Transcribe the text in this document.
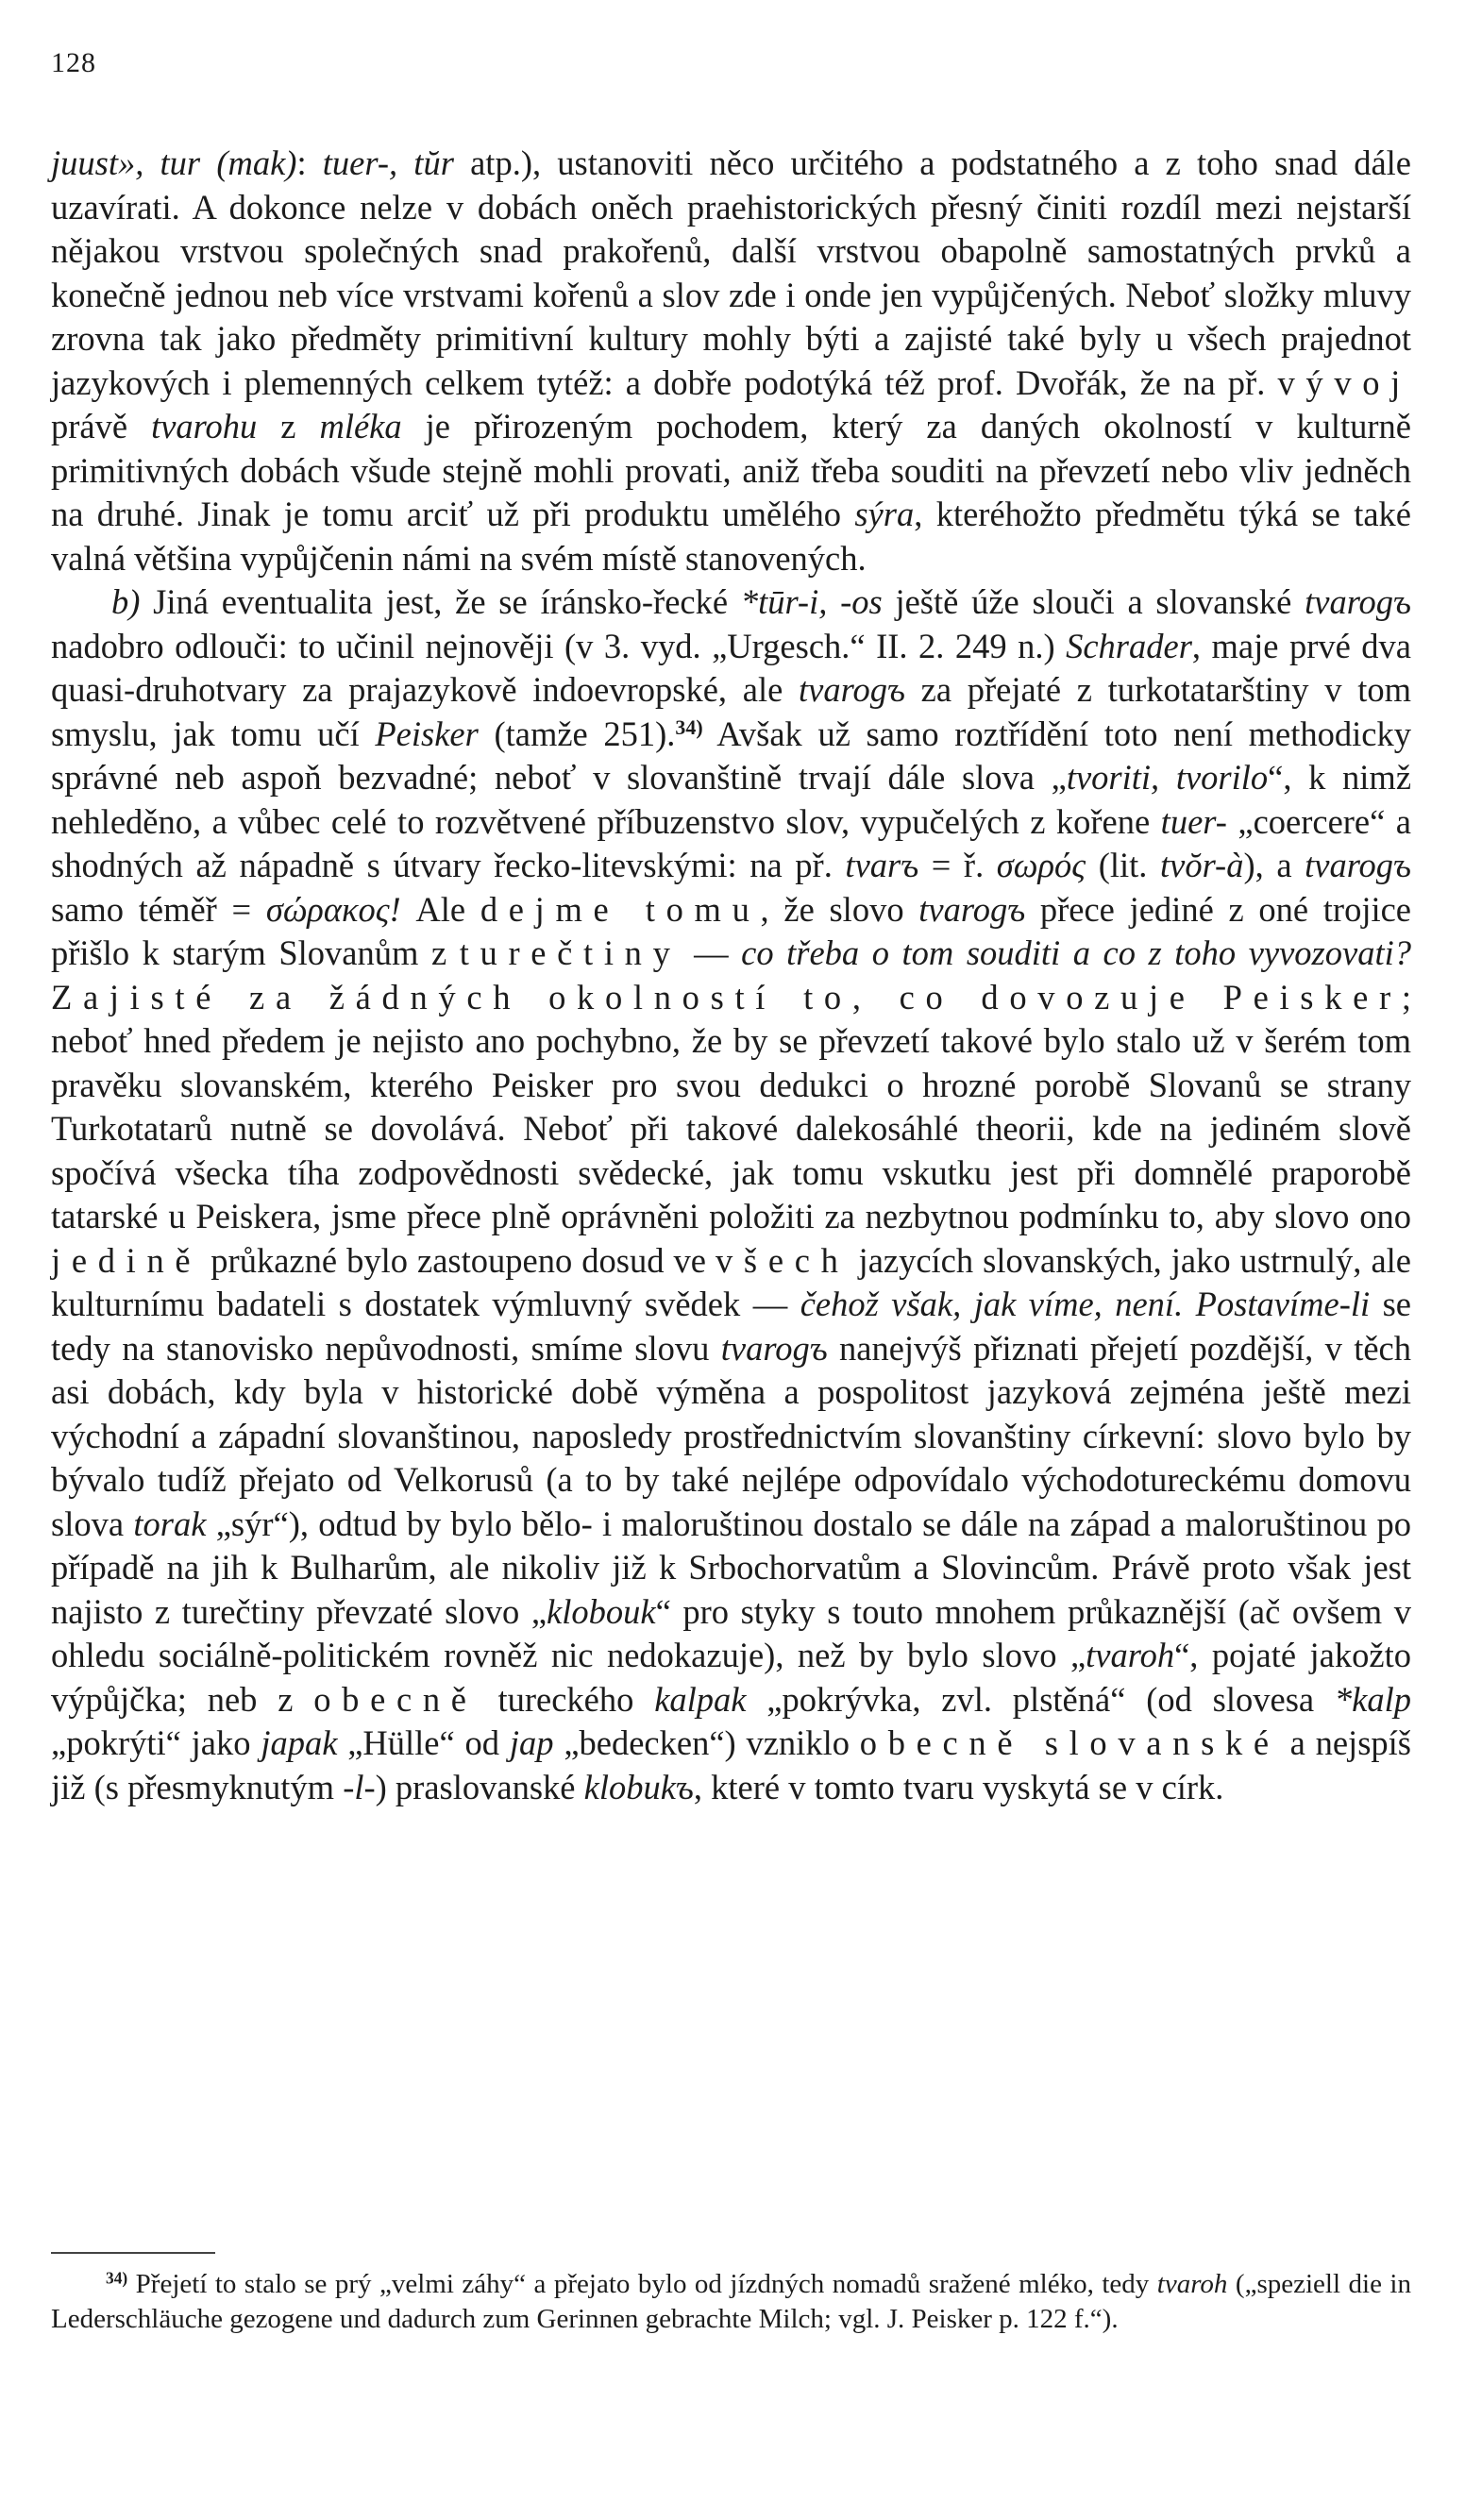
128

juust», tur (mak): tuer-, tŭr atp.), ustanoviti něco určitého a podstatného a z toho snad dále uzavírati. A dokonce nelze v dobách oněch praehistorických přesný činiti rozdíl mezi nejstarší nějakou vrstvou společných snad prakořenů, další vrstvou obapolně samostatných prvků a konečně jednou neb více vrstvami kořenů a slov zde i onde jen vypůjčených. Neboť složky mluvy zrovna tak jako předměty primitivní kultury mohly býti a zajisté také byly u všech prajednot jazykových i plemenných celkem tytéž: a dobře podotýká též prof. Dvořák, že na př. vývoj právě tvarohu z mléka je přirozeným pochodem, který za daných okolností v kulturně primitivných dobách všude stejně mohli provati, aniž třeba souditi na převzetí nebo vliv jedněch na druhé. Jinak je tomu arciť už při produktu umělého sýra, kteréhožto předmětu týká se také valná většina vypůjčenin námi na svém místě stanovených.

b) Jiná eventualita jest, že se íránsko-řecké *tūr-i, -os ještě úže slouči a slovanské tvarogъ nadobro odlouči: to učinil nejnověji (v 3. vyd. „Urgesch.“ II. 2. 249 n.) Schrader, maje prvé dva quasi-druhotvary za prajazykově indoevropské, ale tvarogъ za přejaté z turkotatarštiny v tom smyslu, jak tomu učí Peisker (tamže 251).$^{34)}$ Avšak už samo roztřídění toto není methodicky správné neb aspoň bezvadné; neboť v slovanštině trvají dále slova „tvoriti, tvorilo“, k nimž nehleděno, a vůbec celé to rozvětvené příbuzenstvo slov, vypučelých z kořene tuer- „coercere“ a shodných až nápadně s útvary řecko-litevskými: na př. tvarъ = ř. σωρός (lit. tvŏr-à), a tvarogъ samo téměř = σώρακος! Ale dejme tomu, že slovo tvarogъ přece jediné z oné trojice přišlo k starým Slovanům z turečtiny — co třeba o tom souditi a co z toho vyvozovati? Zajisté za žádných okolností to, co dovozuje Peisker; neboť hned předem je nejisto ano pochybno, že by se převzetí takové bylo stalo už v šerém tom pravěku slovanském, kterého Peisker pro svou dedukci o hrozné porobě Slovanů se strany Turkotatarů nutně se dovolává. Neboť při takové dalekosáhlé theorii, kde na jediném slově spočívá všecka tíha zodpovědnosti svědecké, jak tomu vskutku jest při domnělé praporobě tatarské u Peiskera, jsme přece plně oprávněni položiti za nezbytnou podmínku to, aby slovo ono jedině průkazné bylo zastoupeno dosud ve všech jazycích slovanských, jako ustrnulý, ale kulturnímu badateli s dostatek výmluvný svědek — čehož však, jak víme, není. Postavíme-li se tedy na stanovisko nepůvodnosti, smíme slovu tvarogъ nanejvýš přiznati přejetí pozdější, v těch asi dobách, kdy byla v historické době výměna a pospolitost jazyková zejména ještě mezi východní a západní slovanštinou, naposledy prostřednictvím slovanštiny církevní: slovo bylo by bývalo tudíž přejato od Velkorusů (a to by také nejlépe odpovídalo východotureckému domovu slova torak „sýr“), odtud by bylo bělo- i maloruštinou dostalo se dále na západ a maloruštinou po případě na jih k Bulharům, ale nikoliv již k Srbochorvatům a Slovincům. Právě proto však jest najisto z turečtiny převzaté slovo „klobouk“ pro styky s touto mnohem průkaznější (ač ovšem v ohledu sociálně-politickém rovněž nic nedokazuje), než by bylo slovo „tvaroh“, pojaté jakožto výpůjčka; neb z obecně tureckého kalpak „pokrývka, zvl. plstěná“ (od slovesa *kalp „pokrýti“ jako japak „Hülle“ od jap „bedecken“) vzniklo obecně slovanské a nejspíš již (s přesmyknutým -l-) praslovanské klobukъ, které v tomto tvaru vyskytá se v círk.

$^{34)}$ Přejetí to stalo se prý „velmi záhy“ a přejato bylo od jízdných nomadů sražené mléko, tedy tvaroh („speziell die in Lederschläuche gezogene und dadurch zum Gerinnen gebrachte Milch; vgl. J. Peisker p. 122 f.“).
